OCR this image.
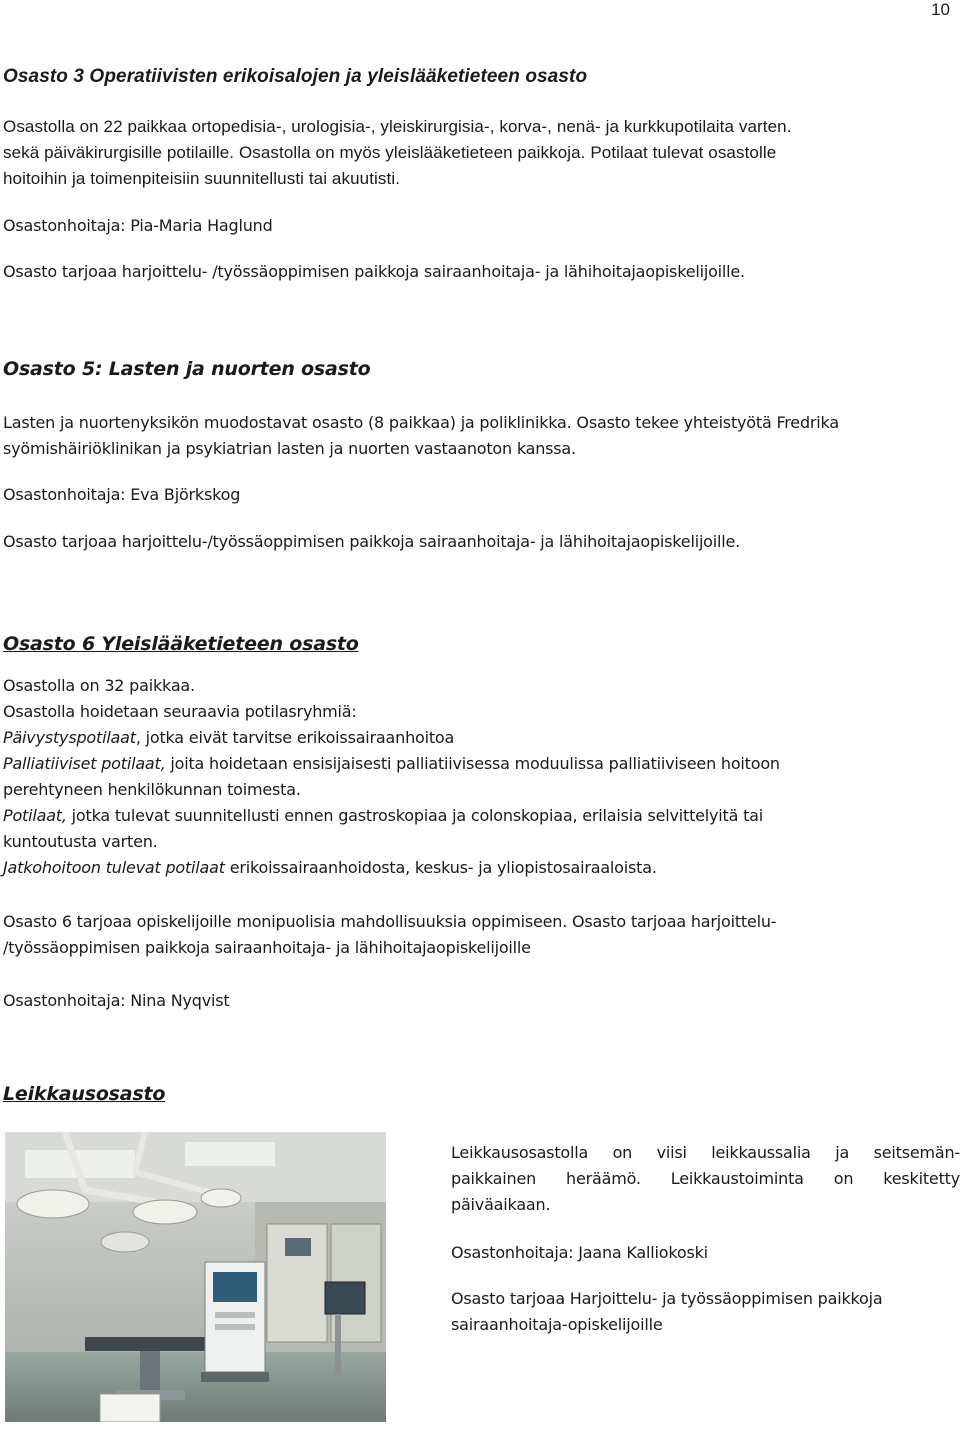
10

Osasto 3 Operatiivisten erikoisalojen ja yleislääketieteen osasto

Osastolla on 22 paikkaa ortopedisia-, urologisia-, yleiskirurgisia-, korva-, nenä- ja kurkkupotilaita varten.

sekä päiväkirurgisille potilaille. Osastolla on myös yleislääketieteen paikkoja. Potilaat tulevat osastolle

hoitoihin ja toimenpiteisiin suunnitellusti tai akuutisti.

Osastonhoitaja: Pia-Maria Haglund

Osasto tarjoaa harjoittelu- /työssäoppimisen paikkoja sairaanhoitaja- ja lähihoitajaopiskelijoille.

Osasto 5: Lasten ja nuorten osasto

Lasten ja nuortenyksikön muodostavat osasto (8 paikkaa) ja poliklinikka. Osasto tekee yhteistyötä Fredrika

syömishäiriöklinikan ja psykiatrian lasten ja nuorten vastaanoton kanssa.

Osastonhoitaja: Eva Björkskog

Osasto tarjoaa harjoittelu-/työssäoppimisen paikkoja sairaanhoitaja- ja lähihoitajaopiskelijoille.

Osasto 6 Yleislääketieteen osasto

Osastolla on 32 paikkaa.

Osastolla hoidetaan seuraavia potilasryhmiä:

Päivystyspotilaat, jotka eivät tarvitse erikoissairaanhoitoa

Palliatiiviset potilaat, joita hoidetaan ensisijaisesti palliatiivisessa moduulissa palliatiiviseen hoitoon

perehtyneen henkilökunnan toimesta.

Potilaat, jotka tulevat suunnitellusti ennen gastroskopiaa ja colonskopiaa, erilaisia selvittelyitä tai

kuntoutusta varten.

Jatkohoitoon tulevat potilaat erikoissairaanhoidosta, keskus- ja yliopistosairaaloista.

Osasto 6 tarjoaa opiskelijoille monipuolisia mahdollisuuksia oppimiseen. Osasto tarjoaa harjoittelu-

/työssäoppimisen paikkoja sairaanhoitaja- ja lähihoitajaopiskelijoille

Osastonhoitaja: Nina Nyqvist

Leikkausosasto

Leikkausosastolla on viisi leikkaussalia ja seitsemän-

paikkainen heräämö. Leikkaustoiminta on keskitetty

päiväaikaan.

Osastonhoitaja: Jaana Kalliokoski

Osasto tarjoaa Harjoittelu- ja työssäoppimisen paikkoja

sairaanhoitaja-opiskelijoille
